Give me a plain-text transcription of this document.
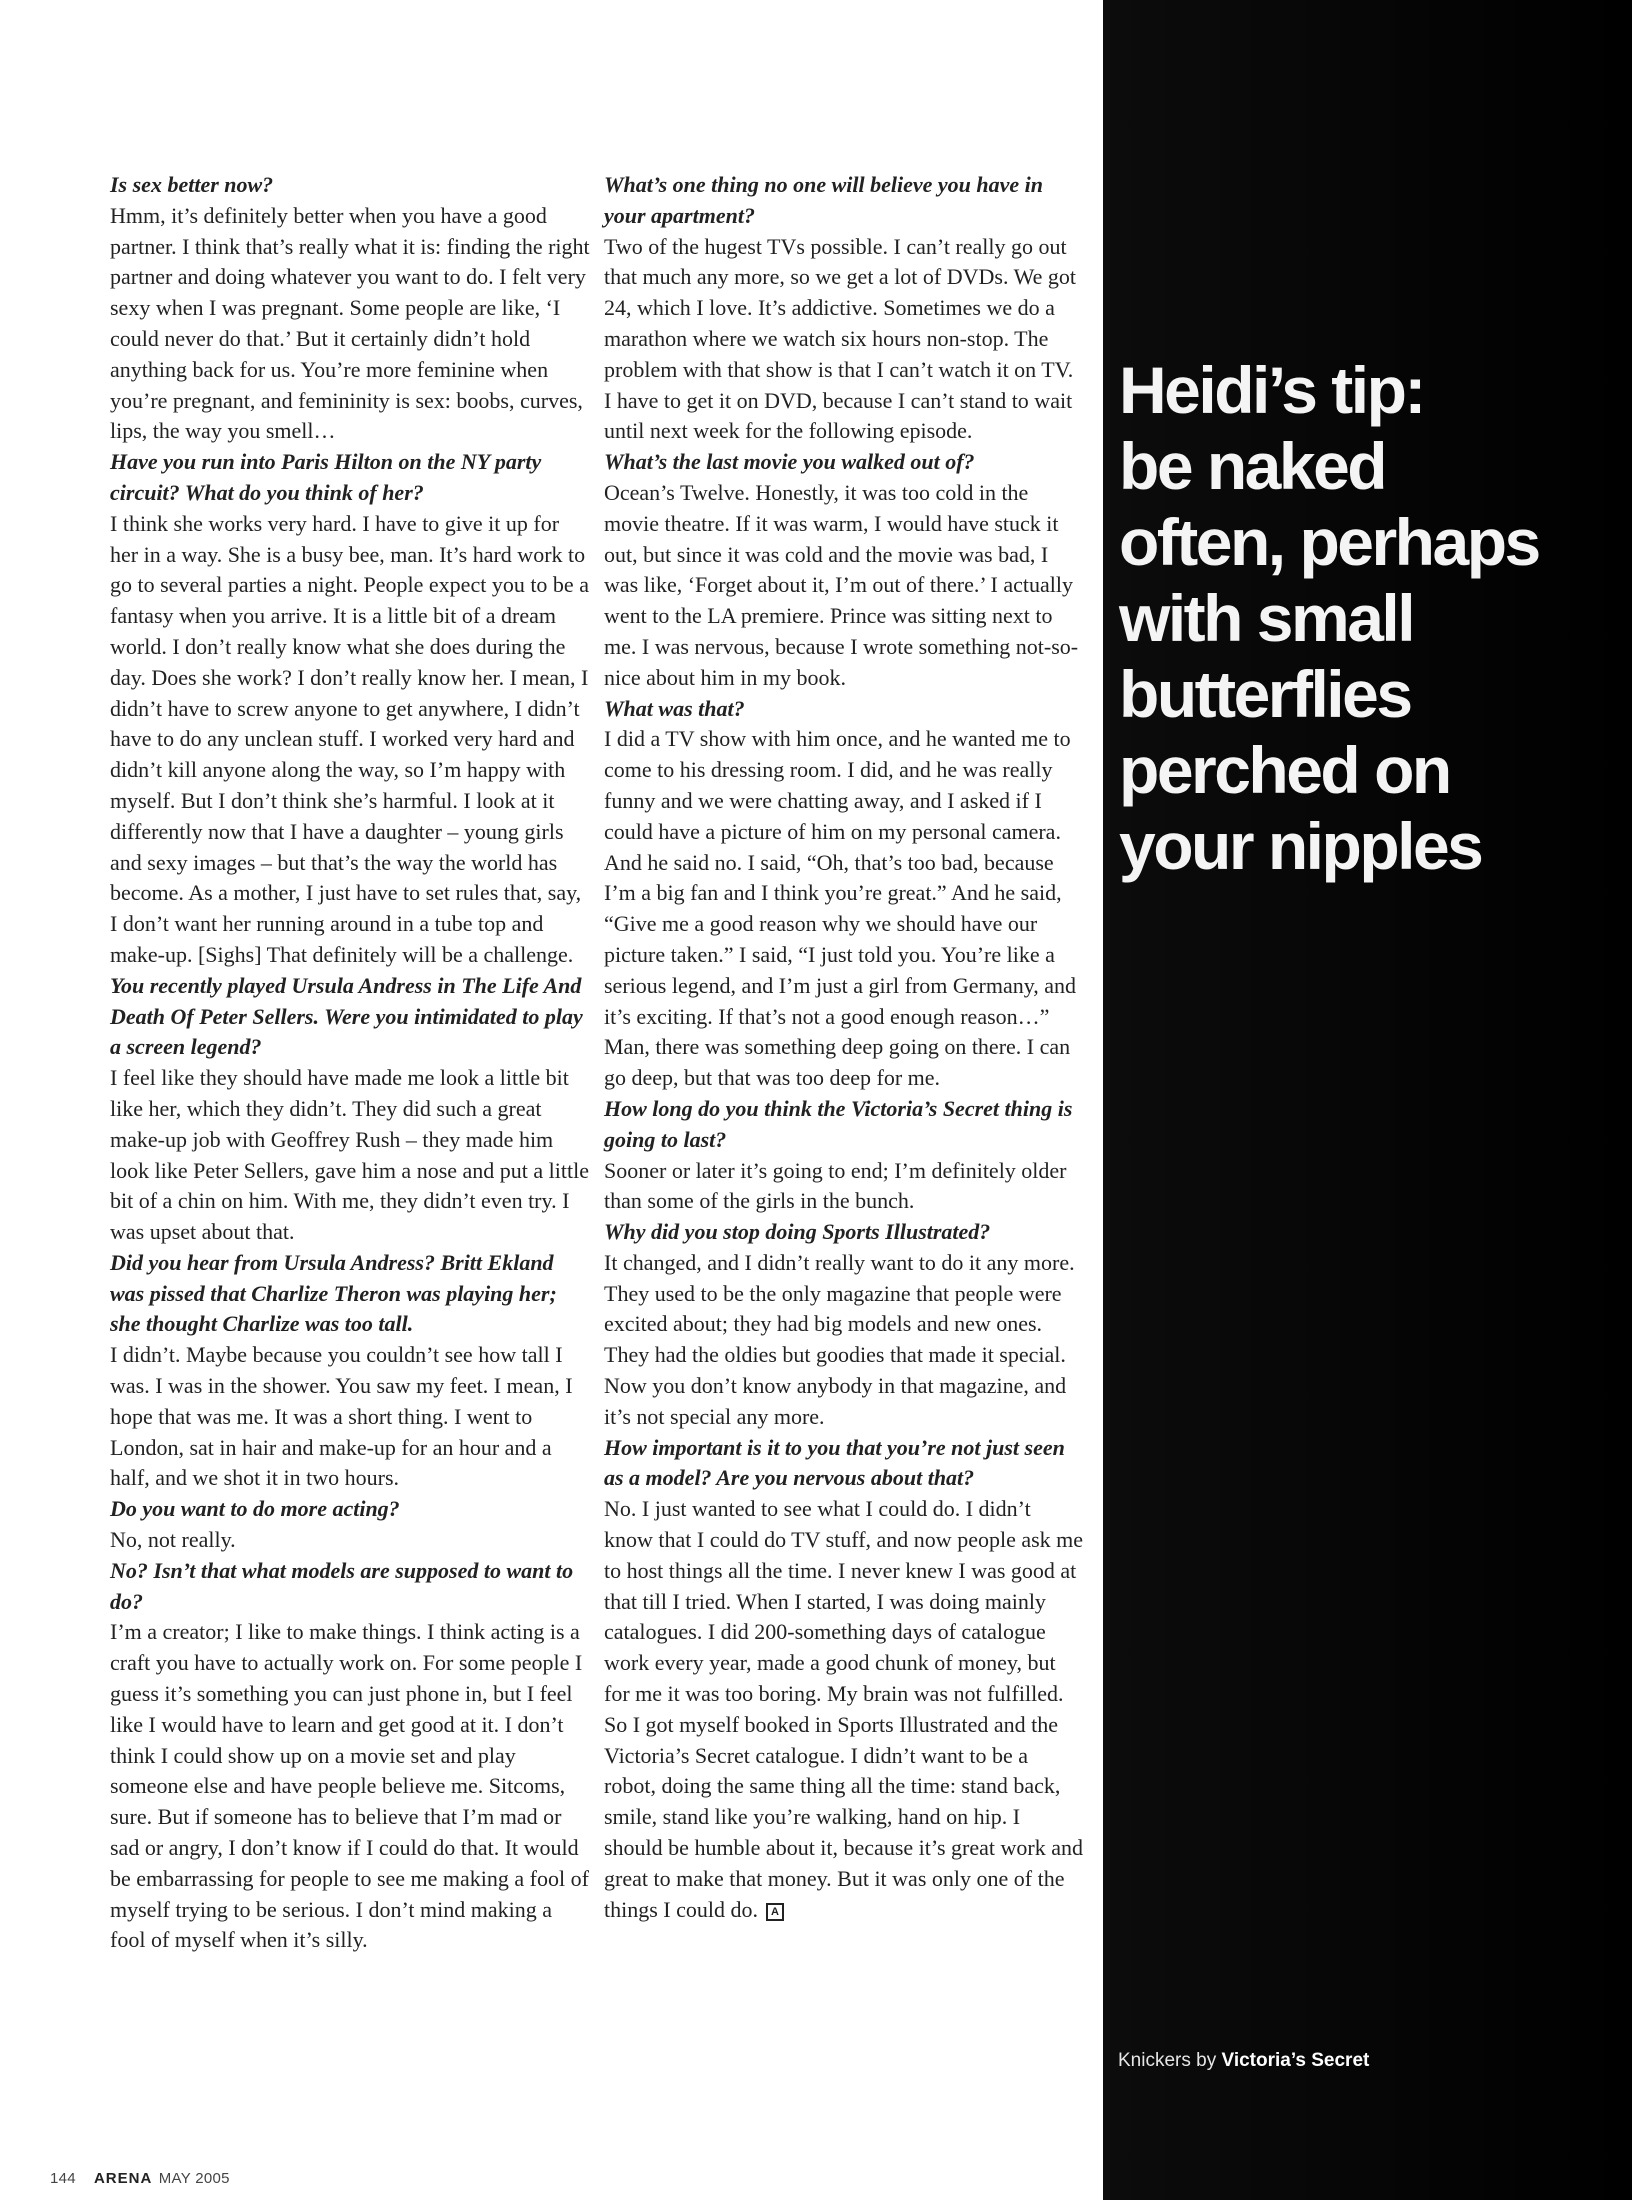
Is sex better now?

Hmm, it’s definitely better when you have a good partner. I think that’s really what it is: finding the right partner and doing whatever you want to do. I felt very sexy when I was pregnant. Some people are like, ‘I could never do that.’ But it certainly didn’t hold anything back for us. You’re more feminine when you’re pregnant, and femininity is sex: boobs, curves, lips, the way you smell…

Have you run into Paris Hilton on the NY party circuit? What do you think of her?

I think she works very hard. I have to give it up for her in a way. She is a busy bee, man. It’s hard work to go to several parties a night. People expect you to be a fantasy when you arrive. It is a little bit of a dream world. I don’t really know what she does during the day. Does she work? I don’t really know her. I mean, I didn’t have to screw anyone to get anywhere, I didn’t have to do any unclean stuff. I worked very hard and didn’t kill anyone along the way, so I’m happy with myself. But I don’t think she’s harmful. I look at it differently now that I have a daughter – young girls and sexy images – but that’s the way the world has become. As a mother, I just have to set rules that, say, I don’t want her running around in a tube top and make-up. [Sighs] That definitely will be a challenge.

You recently played Ursula Andress in The Life And Death Of Peter Sellers. Were you intimidated to play a screen legend?

I feel like they should have made me look a little bit like her, which they didn’t. They did such a great make-up job with Geoffrey Rush – they made him look like Peter Sellers, gave him a nose and put a little bit of a chin on him. With me, they didn’t even try. I was upset about that.

Did you hear from Ursula Andress? Britt Ekland was pissed that Charlize Theron was playing her; she thought Charlize was too tall.

I didn’t. Maybe because you couldn’t see how tall I was. I was in the shower. You saw my feet. I mean, I hope that was me. It was a short thing. I went to London, sat in hair and make-up for an hour and a half, and we shot it in two hours.

Do you want to do more acting?

No, not really.

No? Isn’t that what models are supposed to want to do?

I’m a creator; I like to make things. I think acting is a craft you have to actually work on. For some people I guess it’s something you can just phone in, but I feel like I would have to learn and get good at it. I don’t think I could show up on a movie set and play someone else and have people believe me. Sitcoms, sure. But if someone has to believe that I’m mad or sad or angry, I don’t know if I could do that. It would be embarrassing for people to see me making a fool of myself trying to be serious. I don’t mind making a fool of myself when it’s silly.

What’s one thing no one will believe you have in your apartment?

Two of the hugest TVs possible. I can’t really go out that much any more, so we get a lot of DVDs. We got 24, which I love. It’s addictive. Sometimes we do a marathon where we watch six hours non-stop. The problem with that show is that I can’t watch it on TV. I have to get it on DVD, because I can’t stand to wait until next week for the following episode.

What’s the last movie you walked out of?

Ocean’s Twelve. Honestly, it was too cold in the movie theatre. If it was warm, I would have stuck it out, but since it was cold and the movie was bad, I was like, ‘Forget about it, I’m out of there.’ I actually went to the LA premiere. Prince was sitting next to me. I was nervous, because I wrote something not-so-nice about him in my book.

What was that?

I did a TV show with him once, and he wanted me to come to his dressing room. I did, and he was really funny and we were chatting away, and I asked if I could have a picture of him on my personal camera. And he said no. I said, “Oh, that’s too bad, because I’m a big fan and I think you’re great.” And he said, “Give me a good reason why we should have our picture taken.” I said, “I just told you. You’re like a serious legend, and I’m just a girl from Germany, and it’s exciting. If that’s not a good enough reason…” Man, there was something deep going on there. I can go deep, but that was too deep for me.

How long do you think the Victoria’s Secret thing is going to last?

Sooner or later it’s going to end; I’m definitely older than some of the girls in the bunch.

Why did you stop doing Sports Illustrated?

It changed, and I didn’t really want to do it any more. They used to be the only magazine that people were excited about; they had big models and new ones. They had the oldies but goodies that made it special. Now you don’t know anybody in that magazine, and it’s not special any more.

How important is it to you that you’re not just seen as a model? Are you nervous about that?

No. I just wanted to see what I could do. I didn’t know that I could do TV stuff, and now people ask me to host things all the time. I never knew I was good at that till I tried. When I started, I was doing mainly catalogues. I did 200-something days of catalogue work every year, made a good chunk of money, but for me it was too boring. My brain was not fulfilled. So I got myself booked in Sports Illustrated and the Victoria’s Secret catalogue. I didn’t want to be a robot, doing the same thing all the time: stand back, smile, stand like you’re walking, hand on hip. I should be humble about it, because it’s great work and great to make that money. But it was only one of the things I could do. A

Heidi’s tip:
be naked
often, perhaps
with small
butterflies
perched on
your nipples
Knickers by Victoria’s Secret
144 ARENA MAY 2005
